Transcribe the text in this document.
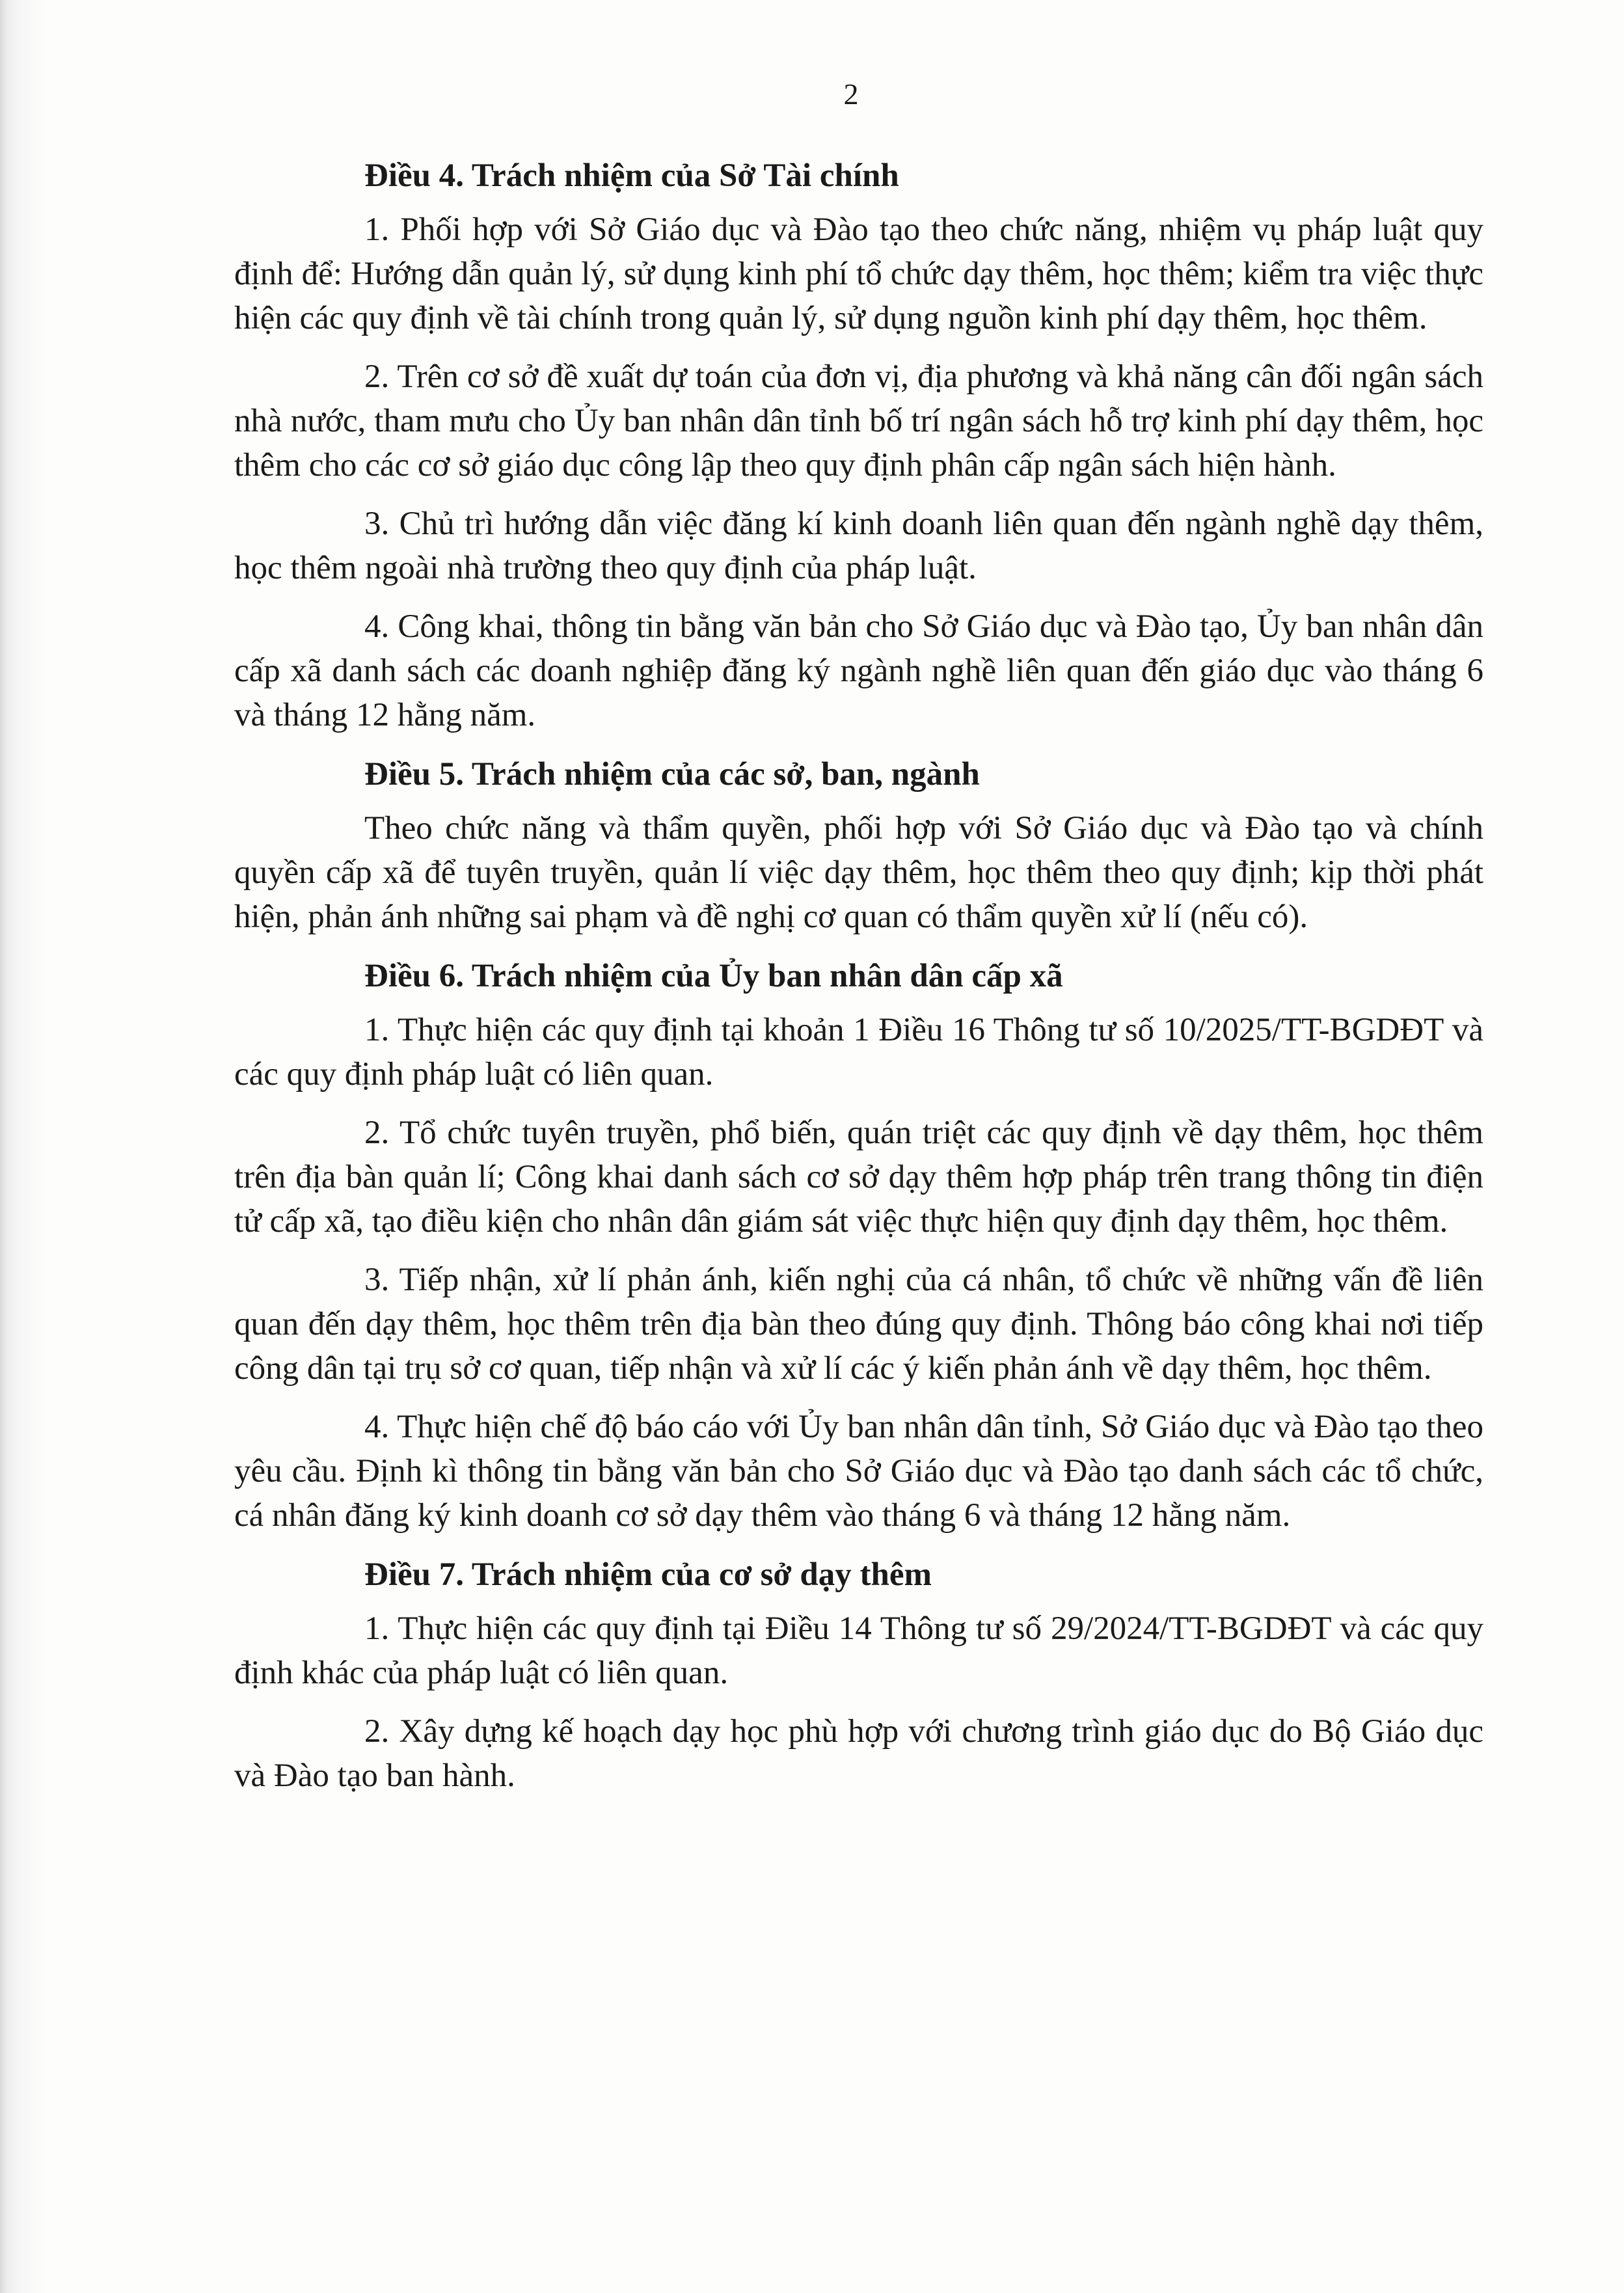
2
Điều 4. Trách nhiệm của Sở Tài chính

1. Phối hợp với Sở Giáo dục và Đào tạo theo chức năng, nhiệm vụ pháp luật quy định để: Hướng dẫn quản lý, sử dụng kinh phí tổ chức dạy thêm, học thêm; kiểm tra việc thực hiện các quy định về tài chính trong quản lý, sử dụng nguồn kinh phí dạy thêm, học thêm.

2. Trên cơ sở đề xuất dự toán của đơn vị, địa phương và khả năng cân đối ngân sách nhà nước, tham mưu cho Ủy ban nhân dân tỉnh bố trí ngân sách hỗ trợ kinh phí dạy thêm, học thêm cho các cơ sở giáo dục công lập theo quy định phân cấp ngân sách hiện hành.

3. Chủ trì hướng dẫn việc đăng kí kinh doanh liên quan đến ngành nghề dạy thêm, học thêm ngoài nhà trường theo quy định của pháp luật.

4. Công khai, thông tin bằng văn bản cho Sở Giáo dục và Đào tạo, Ủy ban nhân dân cấp xã danh sách các doanh nghiệp đăng ký ngành nghề liên quan đến giáo dục vào tháng 6 và tháng 12 hằng năm.

Điều 5. Trách nhiệm của các sở, ban, ngành

Theo chức năng và thẩm quyền, phối hợp với Sở Giáo dục và Đào tạo và chính quyền cấp xã để tuyên truyền, quản lí việc dạy thêm, học thêm theo quy định; kịp thời phát hiện, phản ánh những sai phạm và đề nghị cơ quan có thẩm quyền xử lí (nếu có).

Điều 6. Trách nhiệm của Ủy ban nhân dân cấp xã

1. Thực hiện các quy định tại khoản 1 Điều 16 Thông tư số 10/2025/TT-BGDĐT và các quy định pháp luật có liên quan.

2. Tổ chức tuyên truyền, phổ biến, quán triệt các quy định về dạy thêm, học thêm trên địa bàn quản lí; Công khai danh sách cơ sở dạy thêm hợp pháp trên trang thông tin điện tử cấp xã, tạo điều kiện cho nhân dân giám sát việc thực hiện quy định dạy thêm, học thêm.

3. Tiếp nhận, xử lí phản ánh, kiến nghị của cá nhân, tổ chức về những vấn đề liên quan đến dạy thêm, học thêm trên địa bàn theo đúng quy định. Thông báo công khai nơi tiếp công dân tại trụ sở cơ quan, tiếp nhận và xử lí các ý kiến phản ánh về dạy thêm, học thêm.

4. Thực hiện chế độ báo cáo với Ủy ban nhân dân tỉnh, Sở Giáo dục và Đào tạo theo yêu cầu. Định kì thông tin bằng văn bản cho Sở Giáo dục và Đào tạo danh sách các tổ chức, cá nhân đăng ký kinh doanh cơ sở dạy thêm vào tháng 6 và tháng 12 hằng năm.

Điều 7. Trách nhiệm của cơ sở dạy thêm

1. Thực hiện các quy định tại Điều 14 Thông tư số 29/2024/TT-BGDĐT và các quy định khác của pháp luật có liên quan.

2. Xây dựng kế hoạch dạy học phù hợp với chương trình giáo dục do Bộ Giáo dục và Đào tạo ban hành.
